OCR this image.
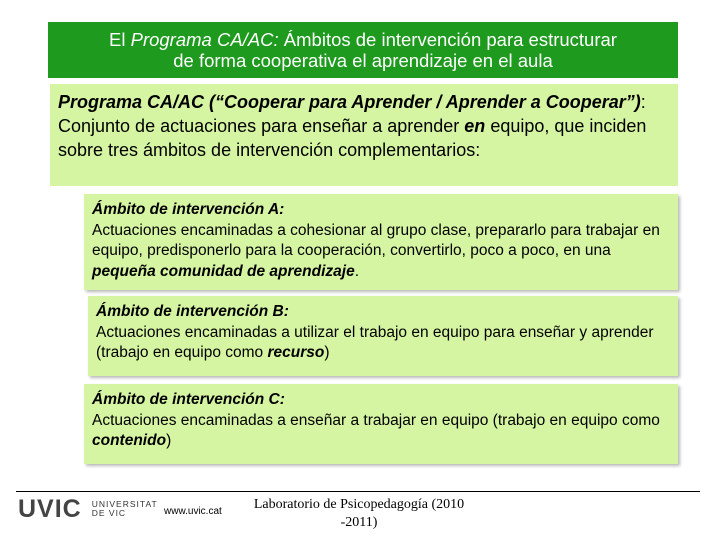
El Programa CA/AC: Ámbitos de intervención para estructurar
de forma cooperativa el aprendizaje en el aula

Programa CA/AC (“Cooperar para Aprender / Aprender a Cooperar”):

Conjunto de actuaciones para enseñar a aprender en equipo, que inciden sobre tres ámbitos de intervención complementarios:

Ámbito de intervención A:

Actuaciones encaminadas a cohesionar al grupo clase, prepararlo para trabajar en equipo, predisponerlo para la cooperación, convertirlo, poco a poco, en una pequeña comunidad de aprendizaje.

Ámbito de intervención B:

Actuaciones encaminadas a utilizar el trabajo en equipo para enseñar y aprender (trabajo en equipo como recurso)

Ámbito de intervención C:

Actuaciones encaminadas a enseñar a trabajar en equipo (trabajo en equipo como contenido)

UVIC UNIVERSITAT
DE VIC	www.uvic.cat	Laboratorio de Psicopedagogía (2010
-2011)
